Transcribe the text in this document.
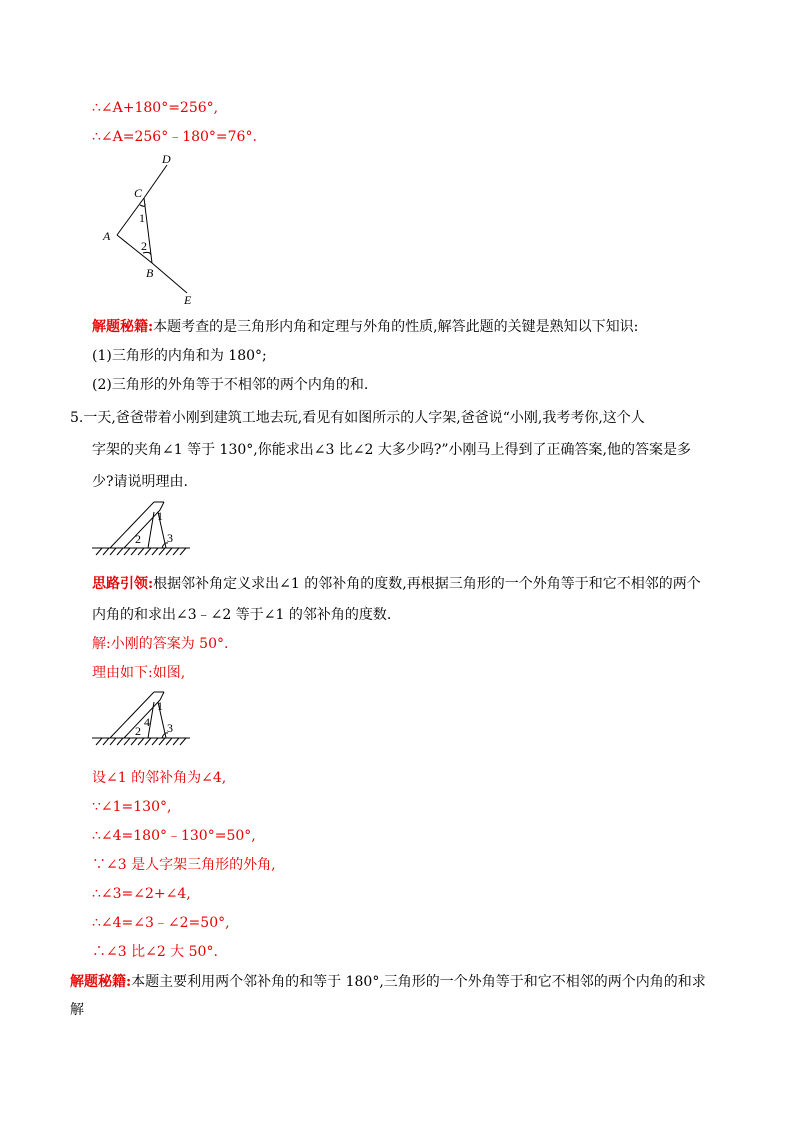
∴∠A+180°=256°,
∴∠A=256°﹣180°=76°.
D
C
A
B
E
1
2
解题秘籍:本题考查的是三角形内角和定理与外角的性质,解答此题的关键是熟知以下知识:
(1)三角形的内角和为 180°;
(2)三角形的外角等于不相邻的两个内角的和.
5.一天,爸爸带着小刚到建筑工地去玩,看见有如图所示的人字架,爸爸说“小刚,我考考你,这个人
字架的夹角∠1 等于 130°,你能求出∠3 比∠2 大多少吗?”小刚马上得到了正确答案,他的答案是多
少?请说明理由.
1
2 3
思路引领:根据邻补角定义求出∠1 的邻补角的度数,再根据三角形的一个外角等于和它不相邻的两个
内角的和求出∠3﹣∠2 等于∠1 的邻补角的度数.
解:小刚的答案为 50°.
理由如下:如图,
1
4
2 3
设∠1 的邻补角为∠4,
∵∠1=130°,
∴∠4=180°﹣130°=50°,
∵∠3 是人字架三角形的外角,
∴∠3=∠2+∠4,
∴∠4=∠3﹣∠2=50°,
∴∠3 比∠2 大 50°.
解题秘籍:本题主要利用两个邻补角的和等于 180°,三角形的一个外角等于和它不相邻的两个内角的和求
解
